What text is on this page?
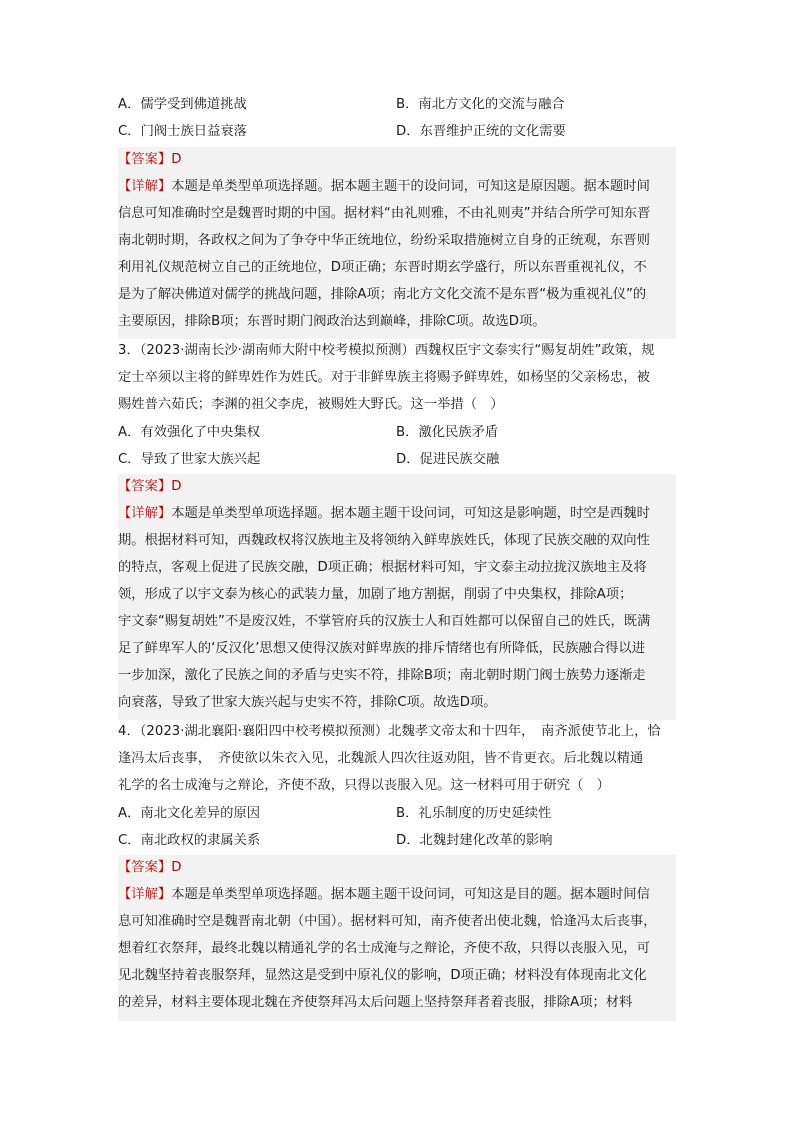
A．儒学受到佛道挑战	B．南北方文化的交流与融合
C．门阀士族日益衰落	D．东晋维护正统的文化需要
【答案】D
【详解】本题是单类型单项选择题。据本题主题干的设问词，可知这是原因题。据本题时间
信息可知准确时空是魏晋时期的中国。据材料“由礼则雅，不由礼则夷”并结合所学可知东晋
南北朝时期，各政权之间为了争夺中华正统地位，纷纷采取措施树立自身的正统观，东晋则
利用礼仪规范树立自己的正统地位，D项正确；东晋时期玄学盛行，所以东晋重视礼仪，不
是为了解决佛道对儒学的挑战问题，排除A项；南北方文化交流不是东晋“极为重视礼仪”的
主要原因，排除B项；东晋时期门阀政治达到巅峰，排除C项。故选D项。
3．（2023·湖南长沙·湖南师大附中校考模拟预测）西魏权臣宇文泰实行“赐复胡姓”政策，规
定士卒须以主将的鲜卑姓作为姓氏。对于非鲜卑族主将赐予鲜卑姓，如杨坚的父亲杨忠，被
赐姓普六茹氏；李渊的祖父李虎，被赐姓大野氏。这一举措（　）
A．有效强化了中央集权	B．激化民族矛盾
C．导致了世家大族兴起	D．促进民族交融
【答案】D
【详解】本题是单类型单项选择题。据本题主题干设问词，可知这是影响题，时空是西魏时
期。根据材料可知，西魏政权将汉族地主及将领纳入鲜卑族姓氏，体现了民族交融的双向性
的特点，客观上促进了民族交融，D项正确；根据材料可知，宇文泰主动拉拢汉族地主及将
领，形成了以宇文泰为核心的武装力量，加剧了地方割据，削弱了中央集权，排除A项；
宇文泰“赐复胡姓”不是废汉姓，不掌管府兵的汉族士人和百姓都可以保留自己的姓氏，既满
足了鲜卑军人的‘反汉化’思想又使得汉族对鲜卑族的排斥情绪也有所降低，民族融合得以进
一步加深，激化了民族之间的矛盾与史实不符，排除B项；南北朝时期门阀士族势力逐渐走
向衰落，导致了世家大族兴起与史实不符，排除C项。故选D项。
4．（2023·湖北襄阳·襄阳四中校考模拟预测）北魏孝文帝太和十四年，　南齐派使节北上，恰
逢冯太后丧事，　齐使欲以朱衣入见，北魏派人四次往返劝阻，皆不肯更衣。后北魏以精通
礼学的名士成淹与之辩论，齐使不敌，只得以丧服入见。这一材料可用于研究（　）
A．南北文化差异的原因	B．礼乐制度的历史延续性
C．南北政权的隶属关系	D．北魏封建化改革的影响
【答案】D
【详解】本题是单类型单项选择题。据本题主题干设问词，可知这是目的题。据本题时间信
息可知准确时空是魏晋南北朝（中国）。据材料可知，南齐使者出使北魏，恰逢冯太后丧事，
想着红衣祭拜，最终北魏以精通礼学的名士成淹与之辩论，齐使不敌，只得以丧服入见，可
见北魏坚持着丧服祭拜，显然这是受到中原礼仪的影响，D项正确；材料没有体现南北文化
的差异，材料主要体现北魏在齐使祭拜冯太后问题上坚持祭拜者着丧服，排除A项；材料
